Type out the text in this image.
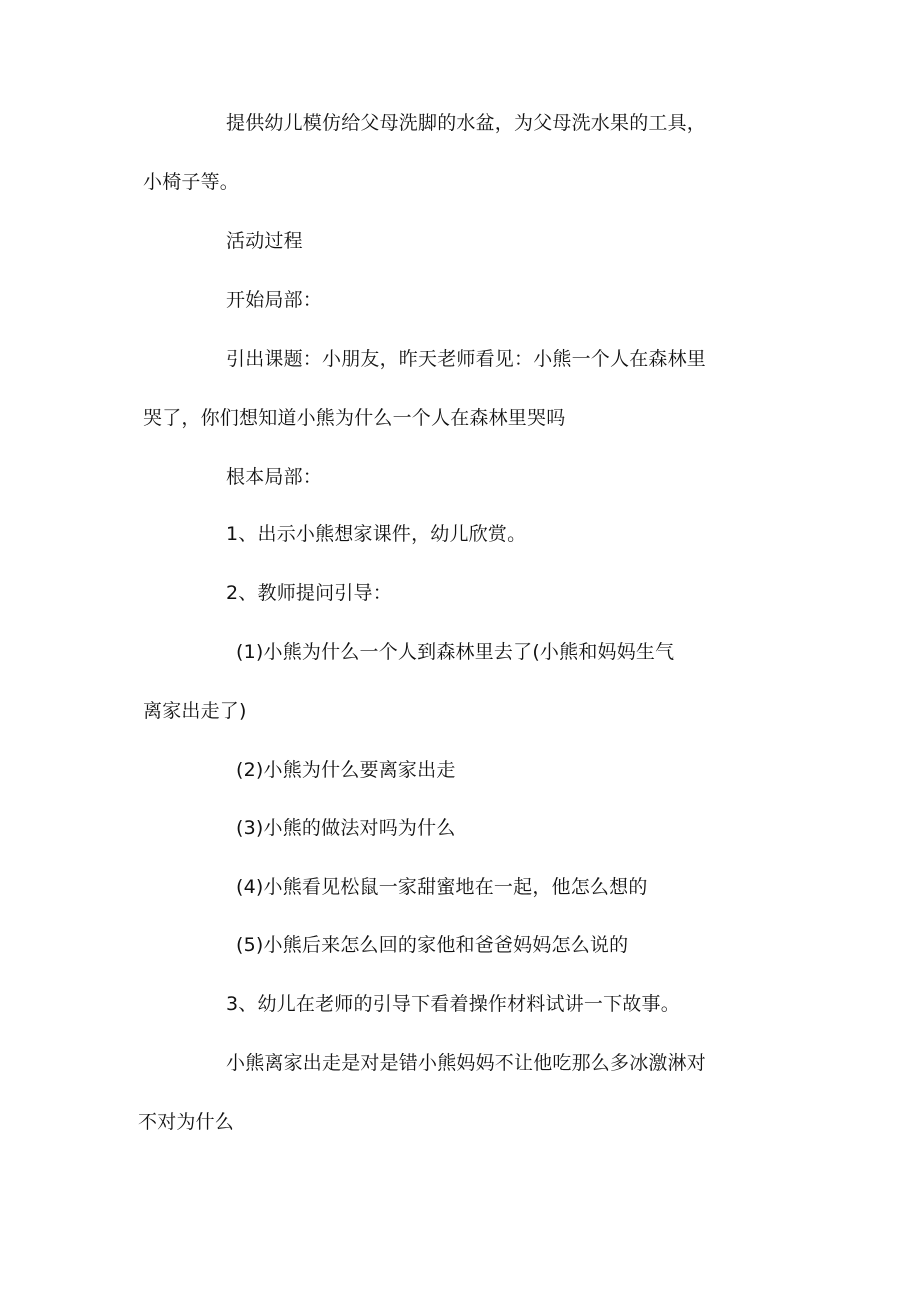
提供幼儿模仿给父母洗脚的水盆，为父母洗水果的工具，
小椅子等。
活动过程
开始局部：
引出课题：小朋友，昨天老师看见：小熊一个人在森林里
哭了，你们想知道小熊为什么一个人在森林里哭吗
根本局部：
1、出示小熊想家课件，幼儿欣赏。
2、教师提问引导：
(1)小熊为什么一个人到森林里去了(小熊和妈妈生气
离家出走了)
(2)小熊为什么要离家出走
(3)小熊的做法对吗为什么
(4)小熊看见松鼠一家甜蜜地在一起，他怎么想的
(5)小熊后来怎么回的家他和爸爸妈妈怎么说的
3、幼儿在老师的引导下看着操作材料试讲一下故事。
小熊离家出走是对是错小熊妈妈不让他吃那么多冰激淋对
不对为什么
